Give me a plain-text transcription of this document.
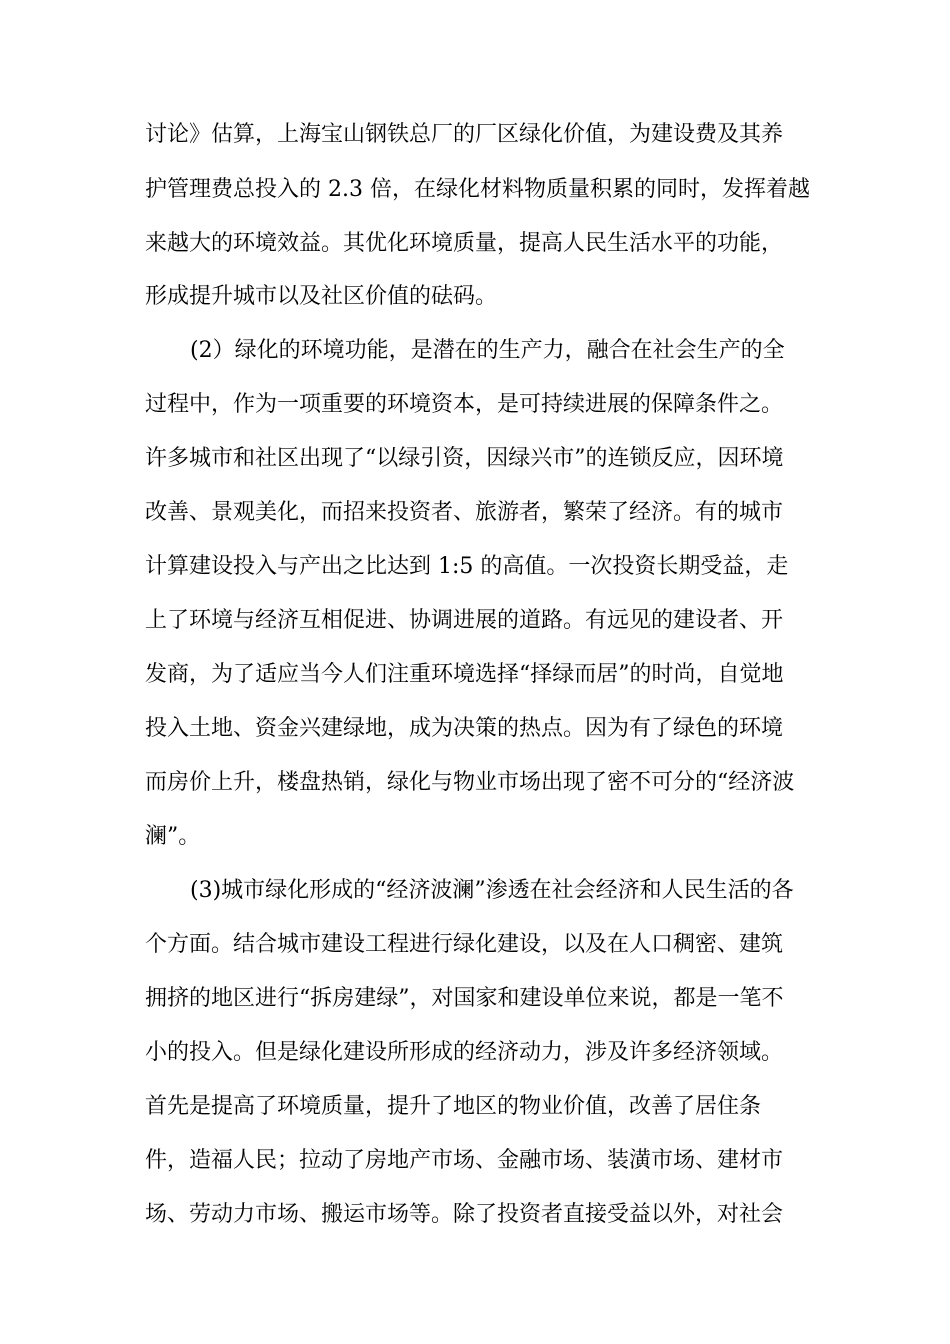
讨论》估算，上海宝山钢铁总厂的厂区绿化价值，为建设费及其养
护管理费总投入的 2.3 倍，在绿化材料物质量积累的同时，发挥着越
来越大的环境效益。其优化环境质量，提高人民生活水平的功能，
形成提升城市以及社区价值的砝码。
(2）绿化的环境功能，是潜在的生产力，融合在社会生产的全
过程中，作为一项重要的环境资本，是可持续进展的保障条件之。
许多城市和社区出现了“以绿引资，因绿兴市”的连锁反应，因环境
改善、景观美化，而招来投资者、旅游者，繁荣了经济。有的城市
计算建设投入与产出之比达到 1:5 的高值。一次投资长期受益，走
上了环境与经济互相促进、协调进展的道路。有远见的建设者、开
发商，为了适应当今人们注重环境选择“择绿而居”的时尚，自觉地
投入土地、资金兴建绿地，成为决策的热点。因为有了绿色的环境
而房价上升，楼盘热销，绿化与物业市场出现了密不可分的“经济波
澜”。
(3)城市绿化形成的“经济波澜”渗透在社会经济和人民生活的各
个方面。结合城市建设工程进行绿化建设，以及在人口稠密、建筑
拥挤的地区进行“拆房建绿”，对国家和建设单位来说，都是一笔不
小的投入。但是绿化建设所形成的经济动力，涉及许多经济领域。
首先是提高了环境质量，提升了地区的物业价值，改善了居住条
件，造福人民；拉动了房地产市场、金融市场、装潢市场、建材市
场、劳动力市场、搬运市场等。除了投资者直接受益以外，对社会
